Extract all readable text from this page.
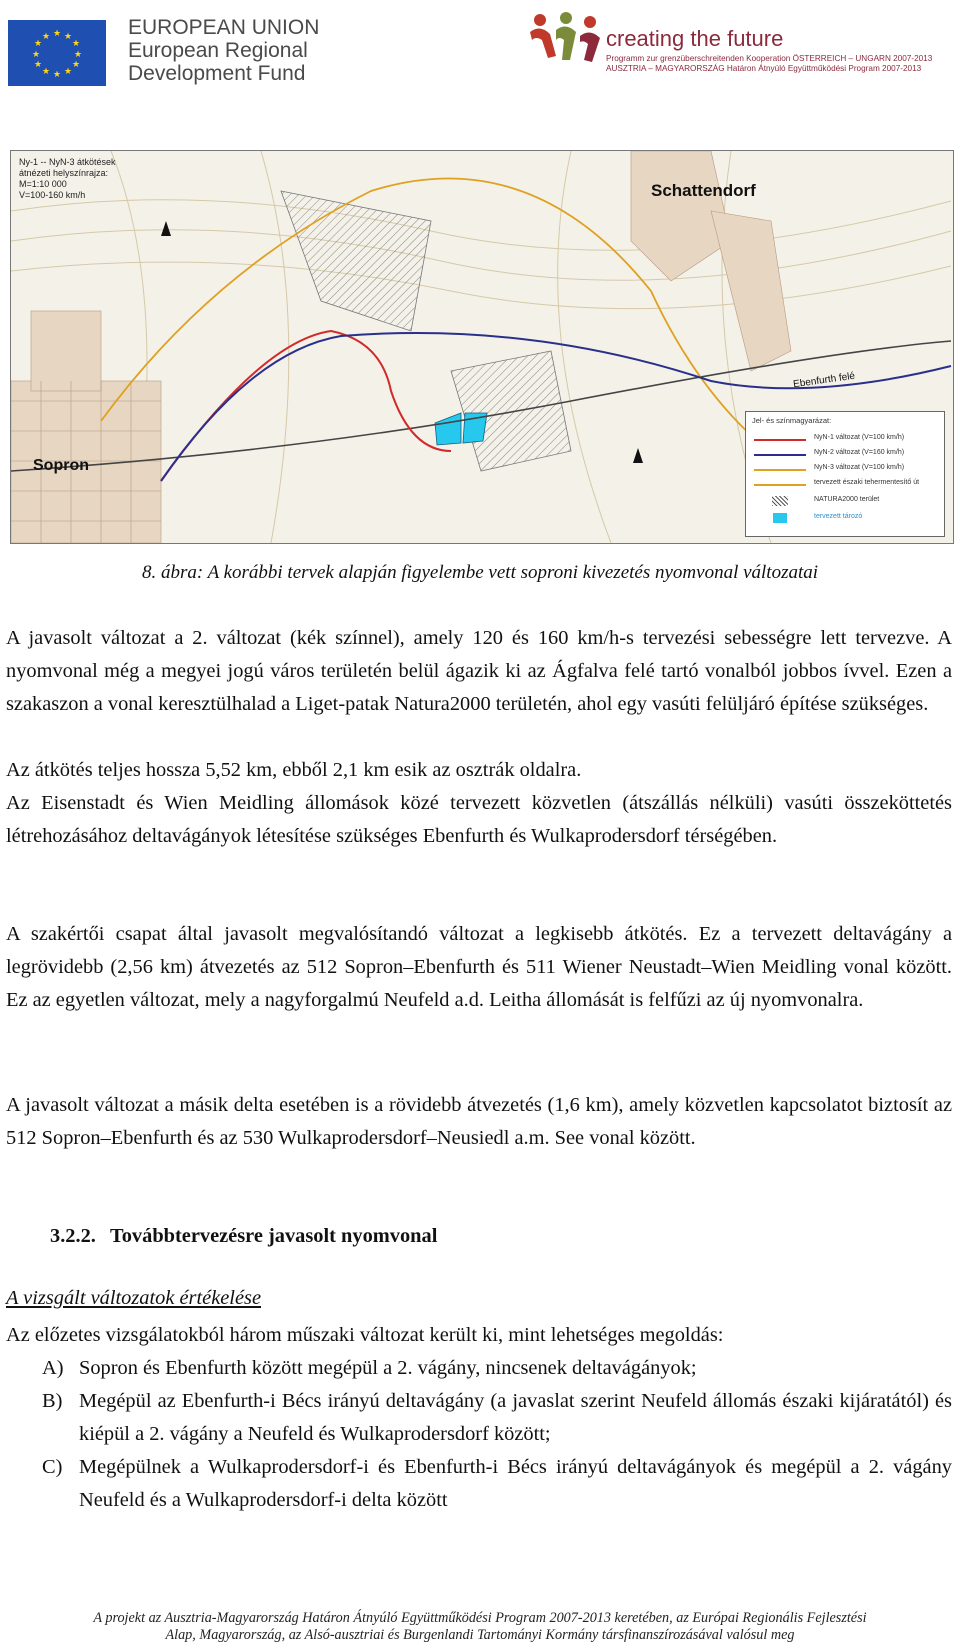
★ ★
★
★
★
★
★
★
★
★
★
★	EUROPEAN UNION
European Regional
Development Fund
creating the future
Programm zur grenzüberschreitenden Kooperation ÖSTERREICH – UNGARN 2007-2013
AUSZTRIA – MAGYARORSZÁG Határon Átnyúló Együttműködési Program 2007-2013
Ny-1 -- NyN-3 átkötések
átnézeti helyszínrajza:
M=1:10 000
V=100-160 km/h	Schattendorf
Sopron
Ebenfurth felé
Jel- és színmagyarázat:
NyN-1 változat (V=100 km/h)
NyN-2 változat (V=160 km/h)
NyN-3 változat (V=100 km/h)
tervezett északi tehermentesítő út
NATURA2000 terület
tervezett tározó
8. ábra: A korábbi tervek alapján figyelembe vett soproni kivezetés nyomvonal változatai
A javasolt változat a 2. változat (kék színnel), amely 120 és 160 km/h-s tervezési sebességre lett tervezve. A nyomvonal még a megyei jogú város területén belül ágazik ki az Ágfalva felé tartó vonalból jobbos ívvel. Ezen a szakaszon a vonal keresztülhalad a Liget-patak Natura2000 területén, ahol egy vasúti felüljáró építése szükséges.
Az átkötés teljes hossza 5,52 km, ebből 2,1 km esik az osztrák oldalra.
Az Eisenstadt és Wien Meidling állomások közé tervezett közvetlen (átszállás nélküli) vasúti összeköttetés létrehozásához deltavágányok létesítése szükséges Ebenfurth és Wulkaprodersdorf térségében.
A szakértői csapat által javasolt megvalósítandó változat a legkisebb átkötés. Ez a tervezett deltavágány a legrövidebb (2,56 km) átvezetés az 512 Sopron–Ebenfurth és 511 Wiener Neustadt–Wien Meidling vonal között. Ez az egyetlen változat, mely a nagyforgalmú Neufeld a.d. Leitha állomását is felfűzi az új nyomvonalra.
A javasolt változat a másik delta esetében is a rövidebb átvezetés (1,6 km), amely közvetlen kapcsolatot biztosít az 512 Sopron–Ebenfurth és az 530 Wulkaprodersdorf–Neusiedl a.m. See vonal között.
3.2.2. Továbbtervezésre javasolt nyomvonal
A vizsgált változatok értékelése
Az előzetes vizsgálatokból három műszaki változat került ki, mint lehetséges megoldás:
A) Sopron és Ebenfurth között megépül a 2. vágány, nincsenek deltavágányok;
B) Megépül az Ebenfurth-i Bécs irányú deltavágány (a javaslat szerint Neufeld állomás északi kijáratától) és kiépül a 2. vágány a Neufeld és Wulkaprodersdorf között;
C) Megépülnek a Wulkaprodersdorf-i és Ebenfurth-i Bécs irányú deltavágányok és megépül a 2. vágány Neufeld és a Wulkaprodersdorf-i delta között
A projekt az Ausztria-Magyarország Határon Átnyúló Együttműködési Program 2007-2013 keretében, az Európai Regionális Fejlesztési
Alap, Magyarország, az Alsó-ausztriai és Burgenlandi Tartományi Kormány társfinanszírozásával valósul meg
